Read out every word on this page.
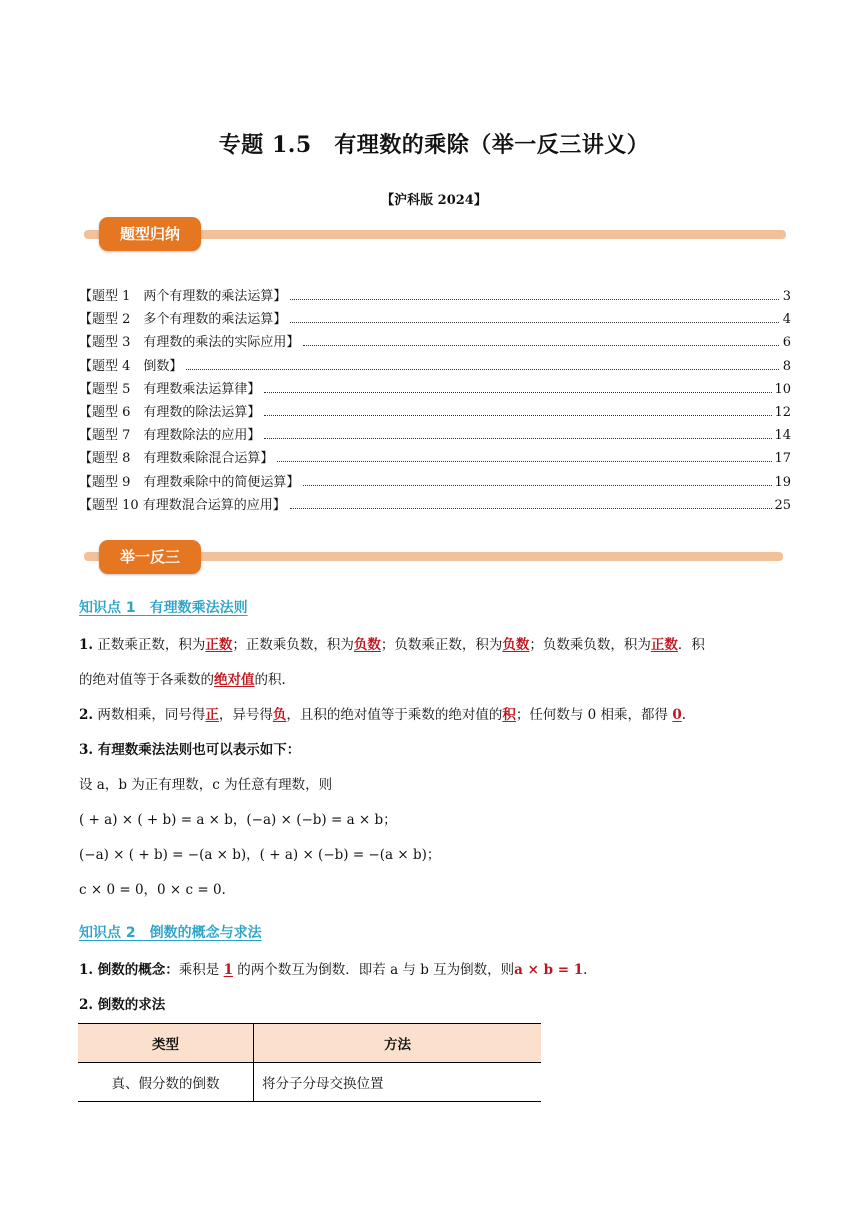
专题 1.5　有理数的乘除（举一反三讲义）
【沪科版 2024】
题型归纳
【题型 1　两个有理数的乘法运算】	3
【题型 2　多个有理数的乘法运算】	4
【题型 3　有理数的乘法的实际应用】	6
【题型 4　倒数】	8
【题型 5　有理数乘法运算律】	10
【题型 6　有理数的除法运算】	12
【题型 7　有理数除法的应用】	14
【题型 8　有理数乘除混合运算】	17
【题型 9　有理数乘除中的简便运算】	19
【题型 10 有理数混合运算的应用】	25
举一反三
知识点 1　有理数乘法法则
1. 正数乘正数，积为正数；正数乘负数，积为负数；负数乘正数，积为负数；负数乘负数，积为正数．积
的绝对值等于各乘数的绝对值的积.
2. 两数相乘，同号得正，异号得负，且积的绝对值等于乘数的绝对值的积；任何数与 0 相乘，都得 0.
3. 有理数乘法法则也可以表示如下：
设 a，b 为正有理数，c 为任意有理数，则
( + a) × ( + b) = a × b，(−a) × (−b) = a × b；
(−a) × ( + b) = −(a × b)，( + a) × (−b) = −(a × b)；
c × 0 = 0，0 × c = 0.
知识点 2　倒数的概念与求法
1. 倒数的概念：乘积是 1 的两个数互为倒数．即若 a 与 b 互为倒数，则a × b = 1.
2. 倒数的求法
类型	方法
真、假分数的倒数	将分子分母交换位置
